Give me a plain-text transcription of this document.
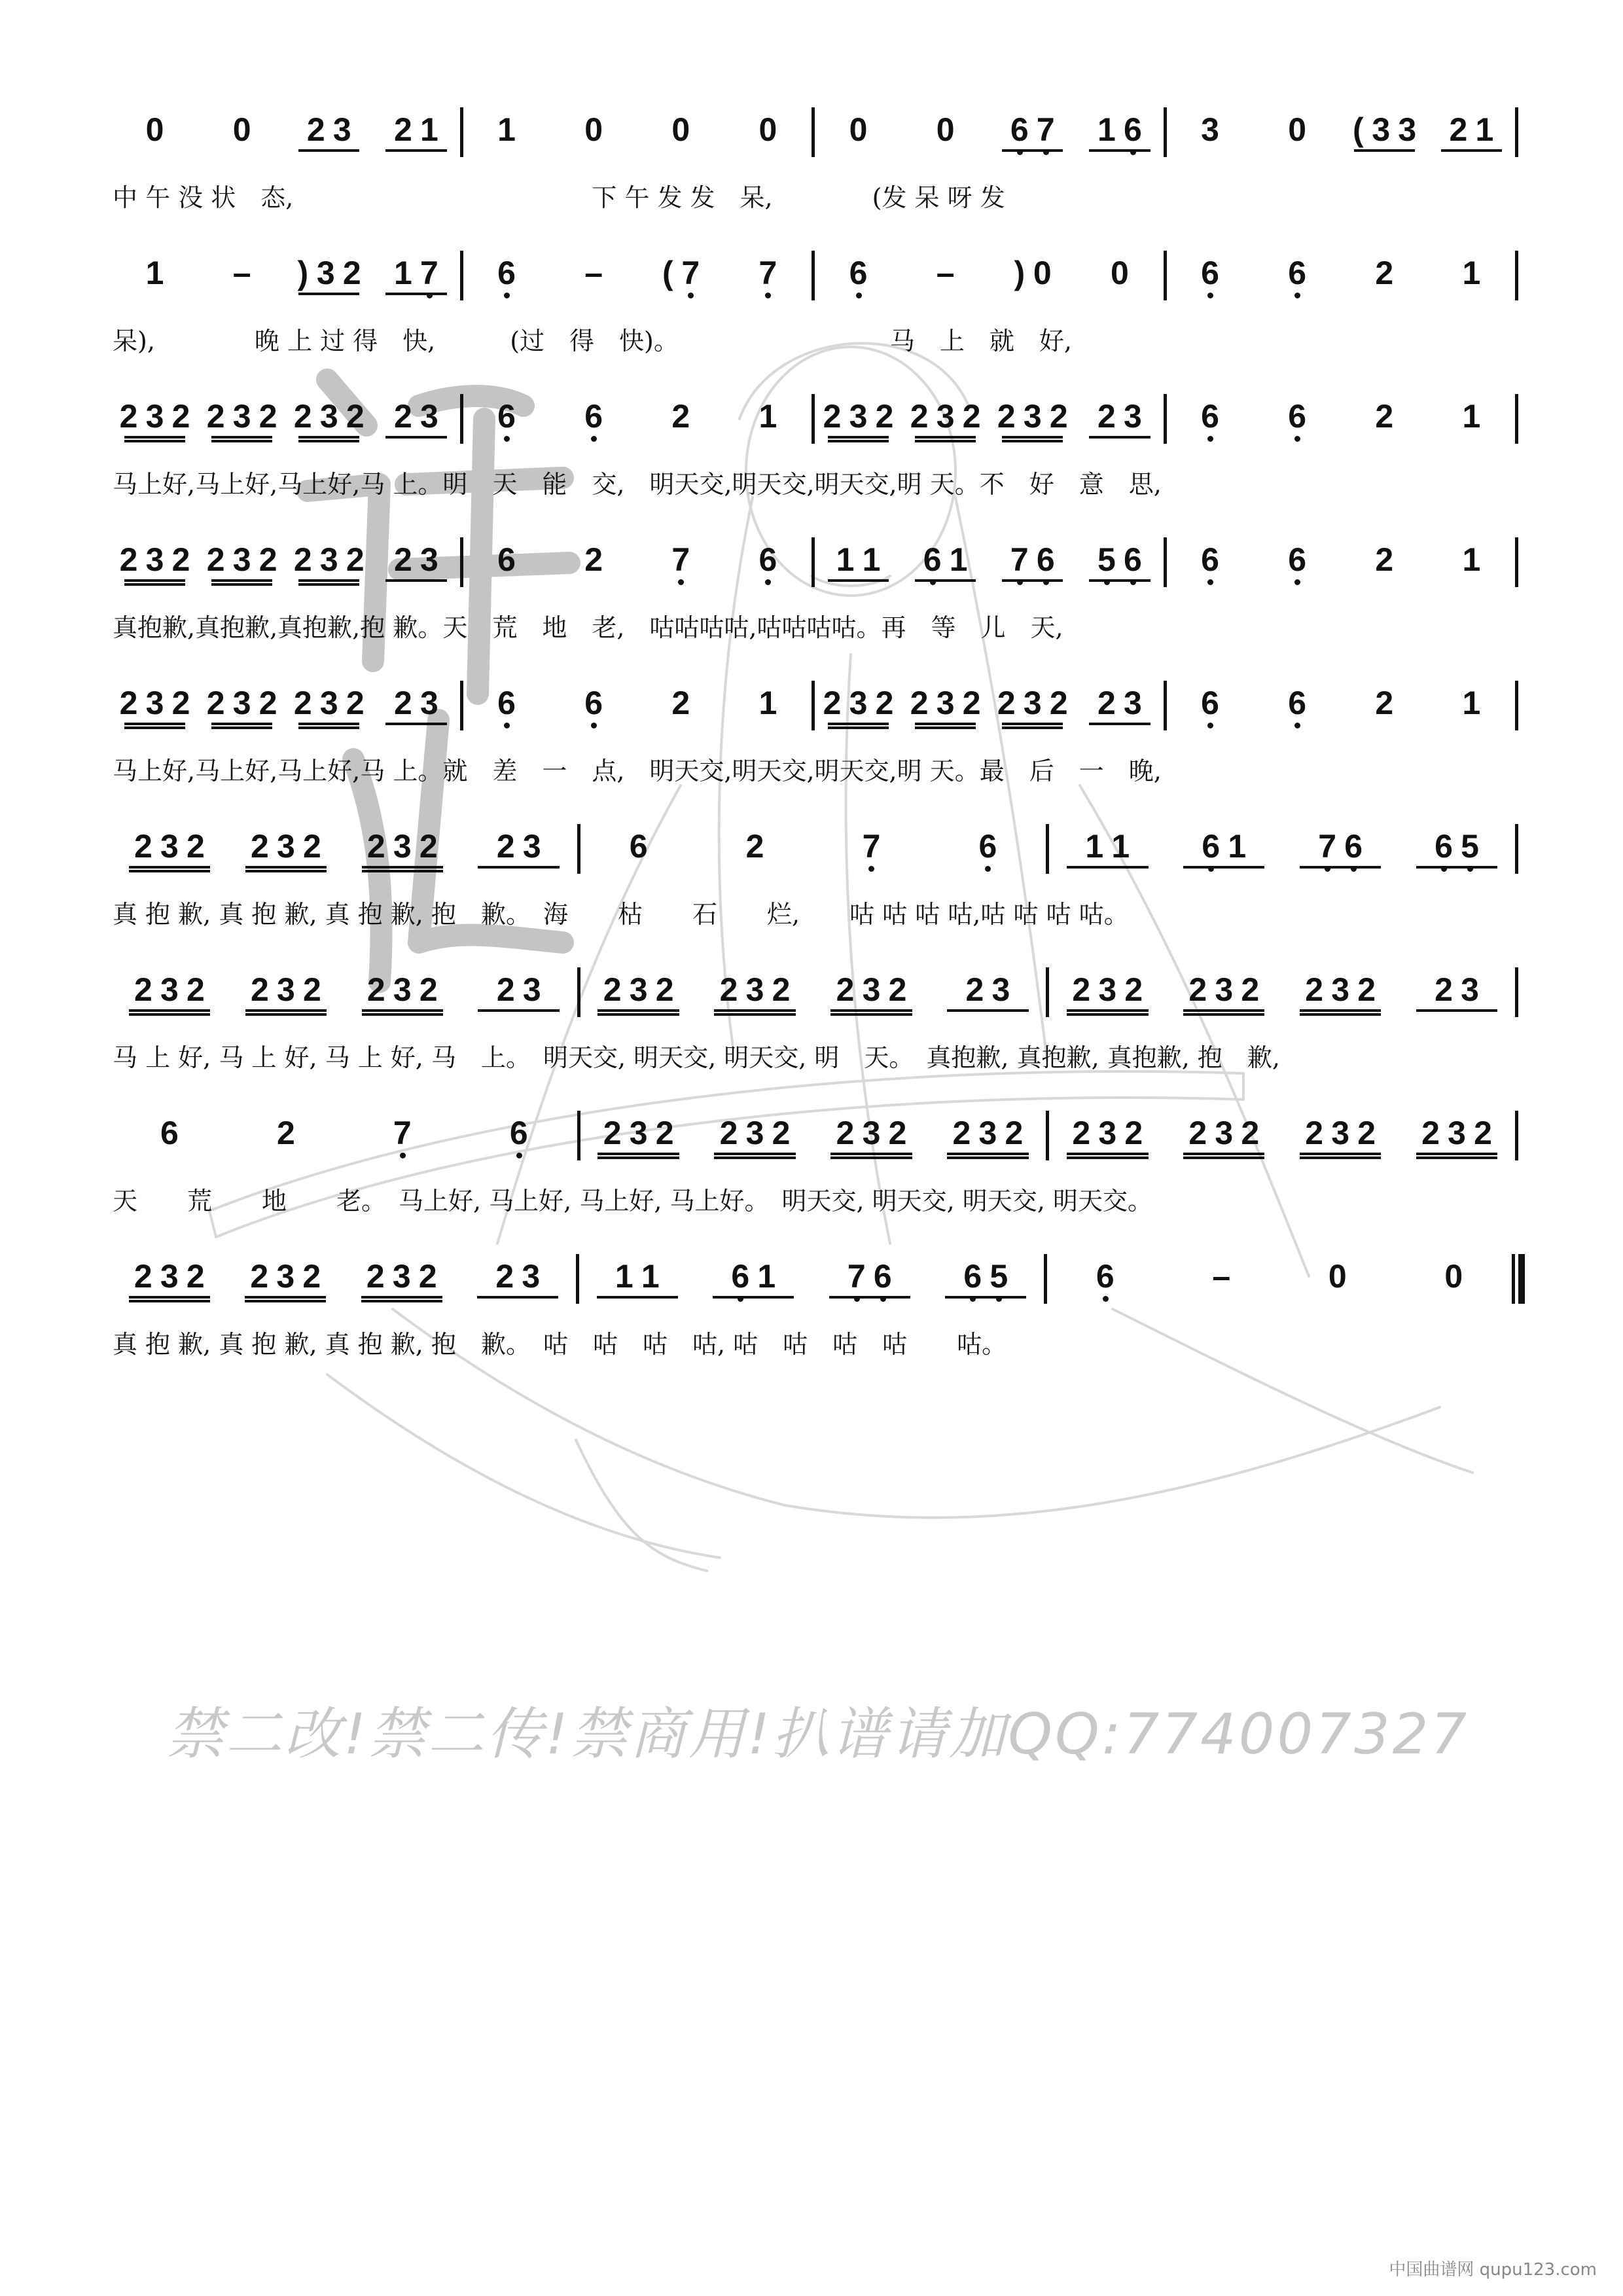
0 0 2 3 2 1 1 0 0 0 0 0 6 7 1 6 3 0 ( 3 3 2 1
中 午 没 状　态,　　　　　　　　　　　　下 午 发 发　呆,　　　　(发 呆 呀 发
1 – ) 3 2 1 7 6 – ( 7 7 6 – ) 0 0 6 6 2 1
呆),　　　　晚 上 过 得　快,　　　(过　得　快)。　　　　　　　　　马　上　就　好,
2 3 2 2 3 2 2 3 2 2 3 6 6 2 1 2 3 2 2 3 2 2 3 2 2 3 6 6 2 1
马上好,马上好,马上好,马 上。明　天　能　交,　明天交,明天交,明天交,明 天。不　好　意　思,
2 3 2 2 3 2 2 3 2 2 3 6 2 7 6 1 1 6 1 7 6 5 6 6 6 2 1
真抱歉,真抱歉,真抱歉,抱 歉。天　荒　地　老,　咕咕咕咕,咕咕咕咕。再　等　儿　天,
2 3 2 2 3 2 2 3 2 2 3 6 6 2 1 2 3 2 2 3 2 2 3 2 2 3 6 6 2 1
马上好,马上好,马上好,马 上。就　差　一　点,　明天交,明天交,明天交,明 天。最　后　一　晚,
2 3 2 2 3 2 2 3 2 2 3	6	2	7	6	1 1 6 1 7 6 6 5
真 抱 歉, 真 抱 歉, 真 抱 歉, 抱　歉。　海　　枯　　石　　烂,　　咕 咕 咕 咕,咕 咕 咕 咕。
2 3 2 2 3 2 2 3 2 2 3 2 3 2 2 3 2 2 3 2 2 3 2 3 2 2 3 2 2 3 2 2 3
马 上 好, 马 上 好, 马 上 好, 马　上。　明天交, 明天交, 明天交, 明　天。　真抱歉, 真抱歉, 真抱歉, 抱　歉,
6	2	7	6 2 3 2 2 3 2 2 3 2 2 3 2 2 3 2 2 3 2 2 3 2 2 3 2
天　　荒　　地　　老。　马上好, 马上好, 马上好, 马上好。　明天交, 明天交, 明天交, 明天交。
2 3 2 2 3 2 2 3 2 2 3 1 1 6 1 7 6 6 5	6	–	0	0
真 抱 歉, 真 抱 歉, 真 抱 歉, 抱　歉。　咕　咕　咕　咕, 咕　咕　咕　咕　　咕。
禁二改!禁二传!禁商用!扒谱请加QQ:774007327
中国曲谱网 qupu123.com
